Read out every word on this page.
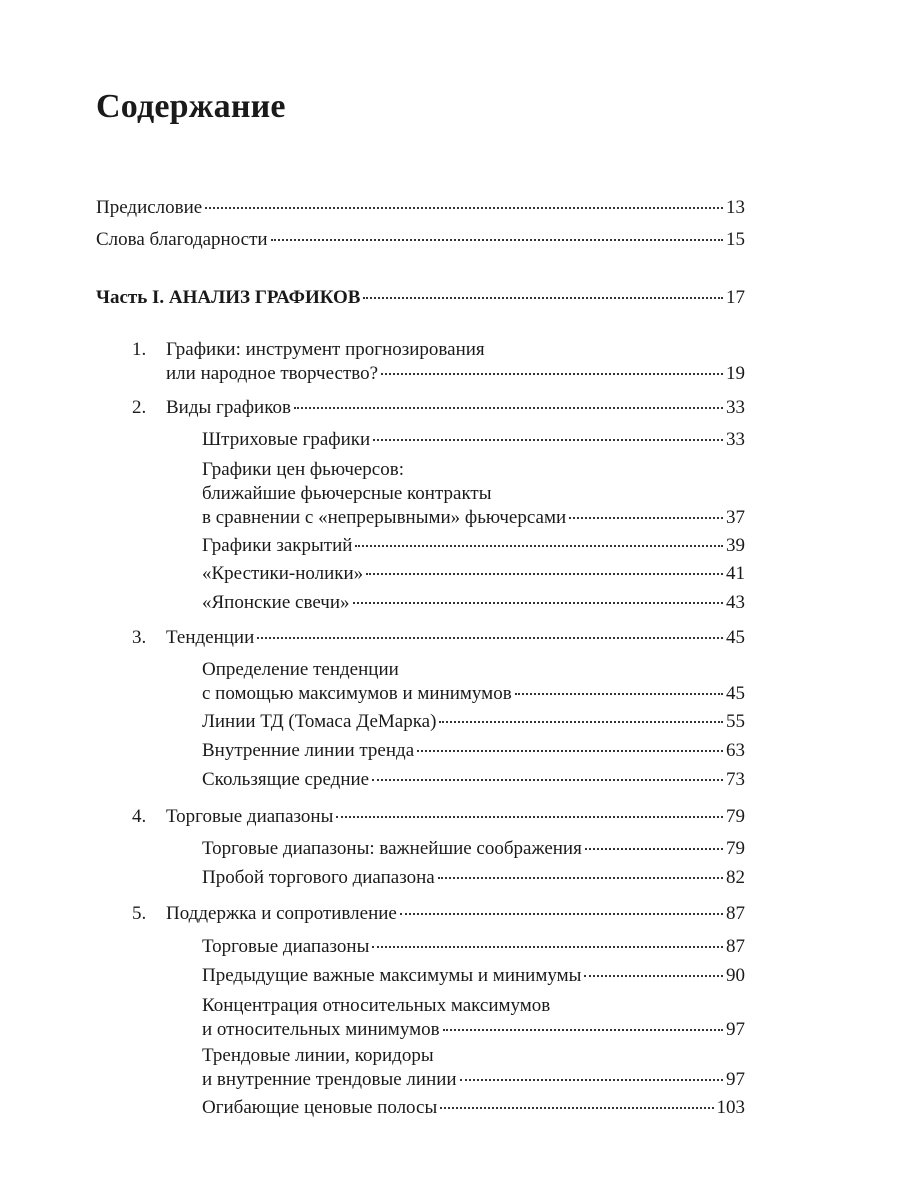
Содержание
Предисловие	13
Слова благодарности	15
Часть I. АНАЛИЗ ГРАФИКОВ	17
1. Графики: инструмент прогнозирования
или народное творчество?	19
2.	Виды графиков	33
Штриховые графики	33
Графики цен фьючерсов:
ближайшие фьючерсные контракты
в сравнении с «непрерывными» фьючерсами	37
Графики закрытий	39
«Крестики-нолики»	41
«Японские свечи»	43
3.	Тенденции	45
Определение тенденции
с помощью максимумов и минимумов	45
Линии ТД (Томаса ДеМарка)	55
Внутренние линии тренда	63
Скользящие средние	73
4.	Торговые диапазоны	79
Торговые диапазоны: важнейшие соображения	79
Пробой торгового диапазона	82
5.	Поддержка и сопротивление	87
Торговые диапазоны	87
Предыдущие важные максимумы и минимумы	90
Концентрация относительных максимумов
и относительных минимумов	97
Трендовые линии, коридоры
и внутренние трендовые линии	97
Огибающие ценовые полосы	103
